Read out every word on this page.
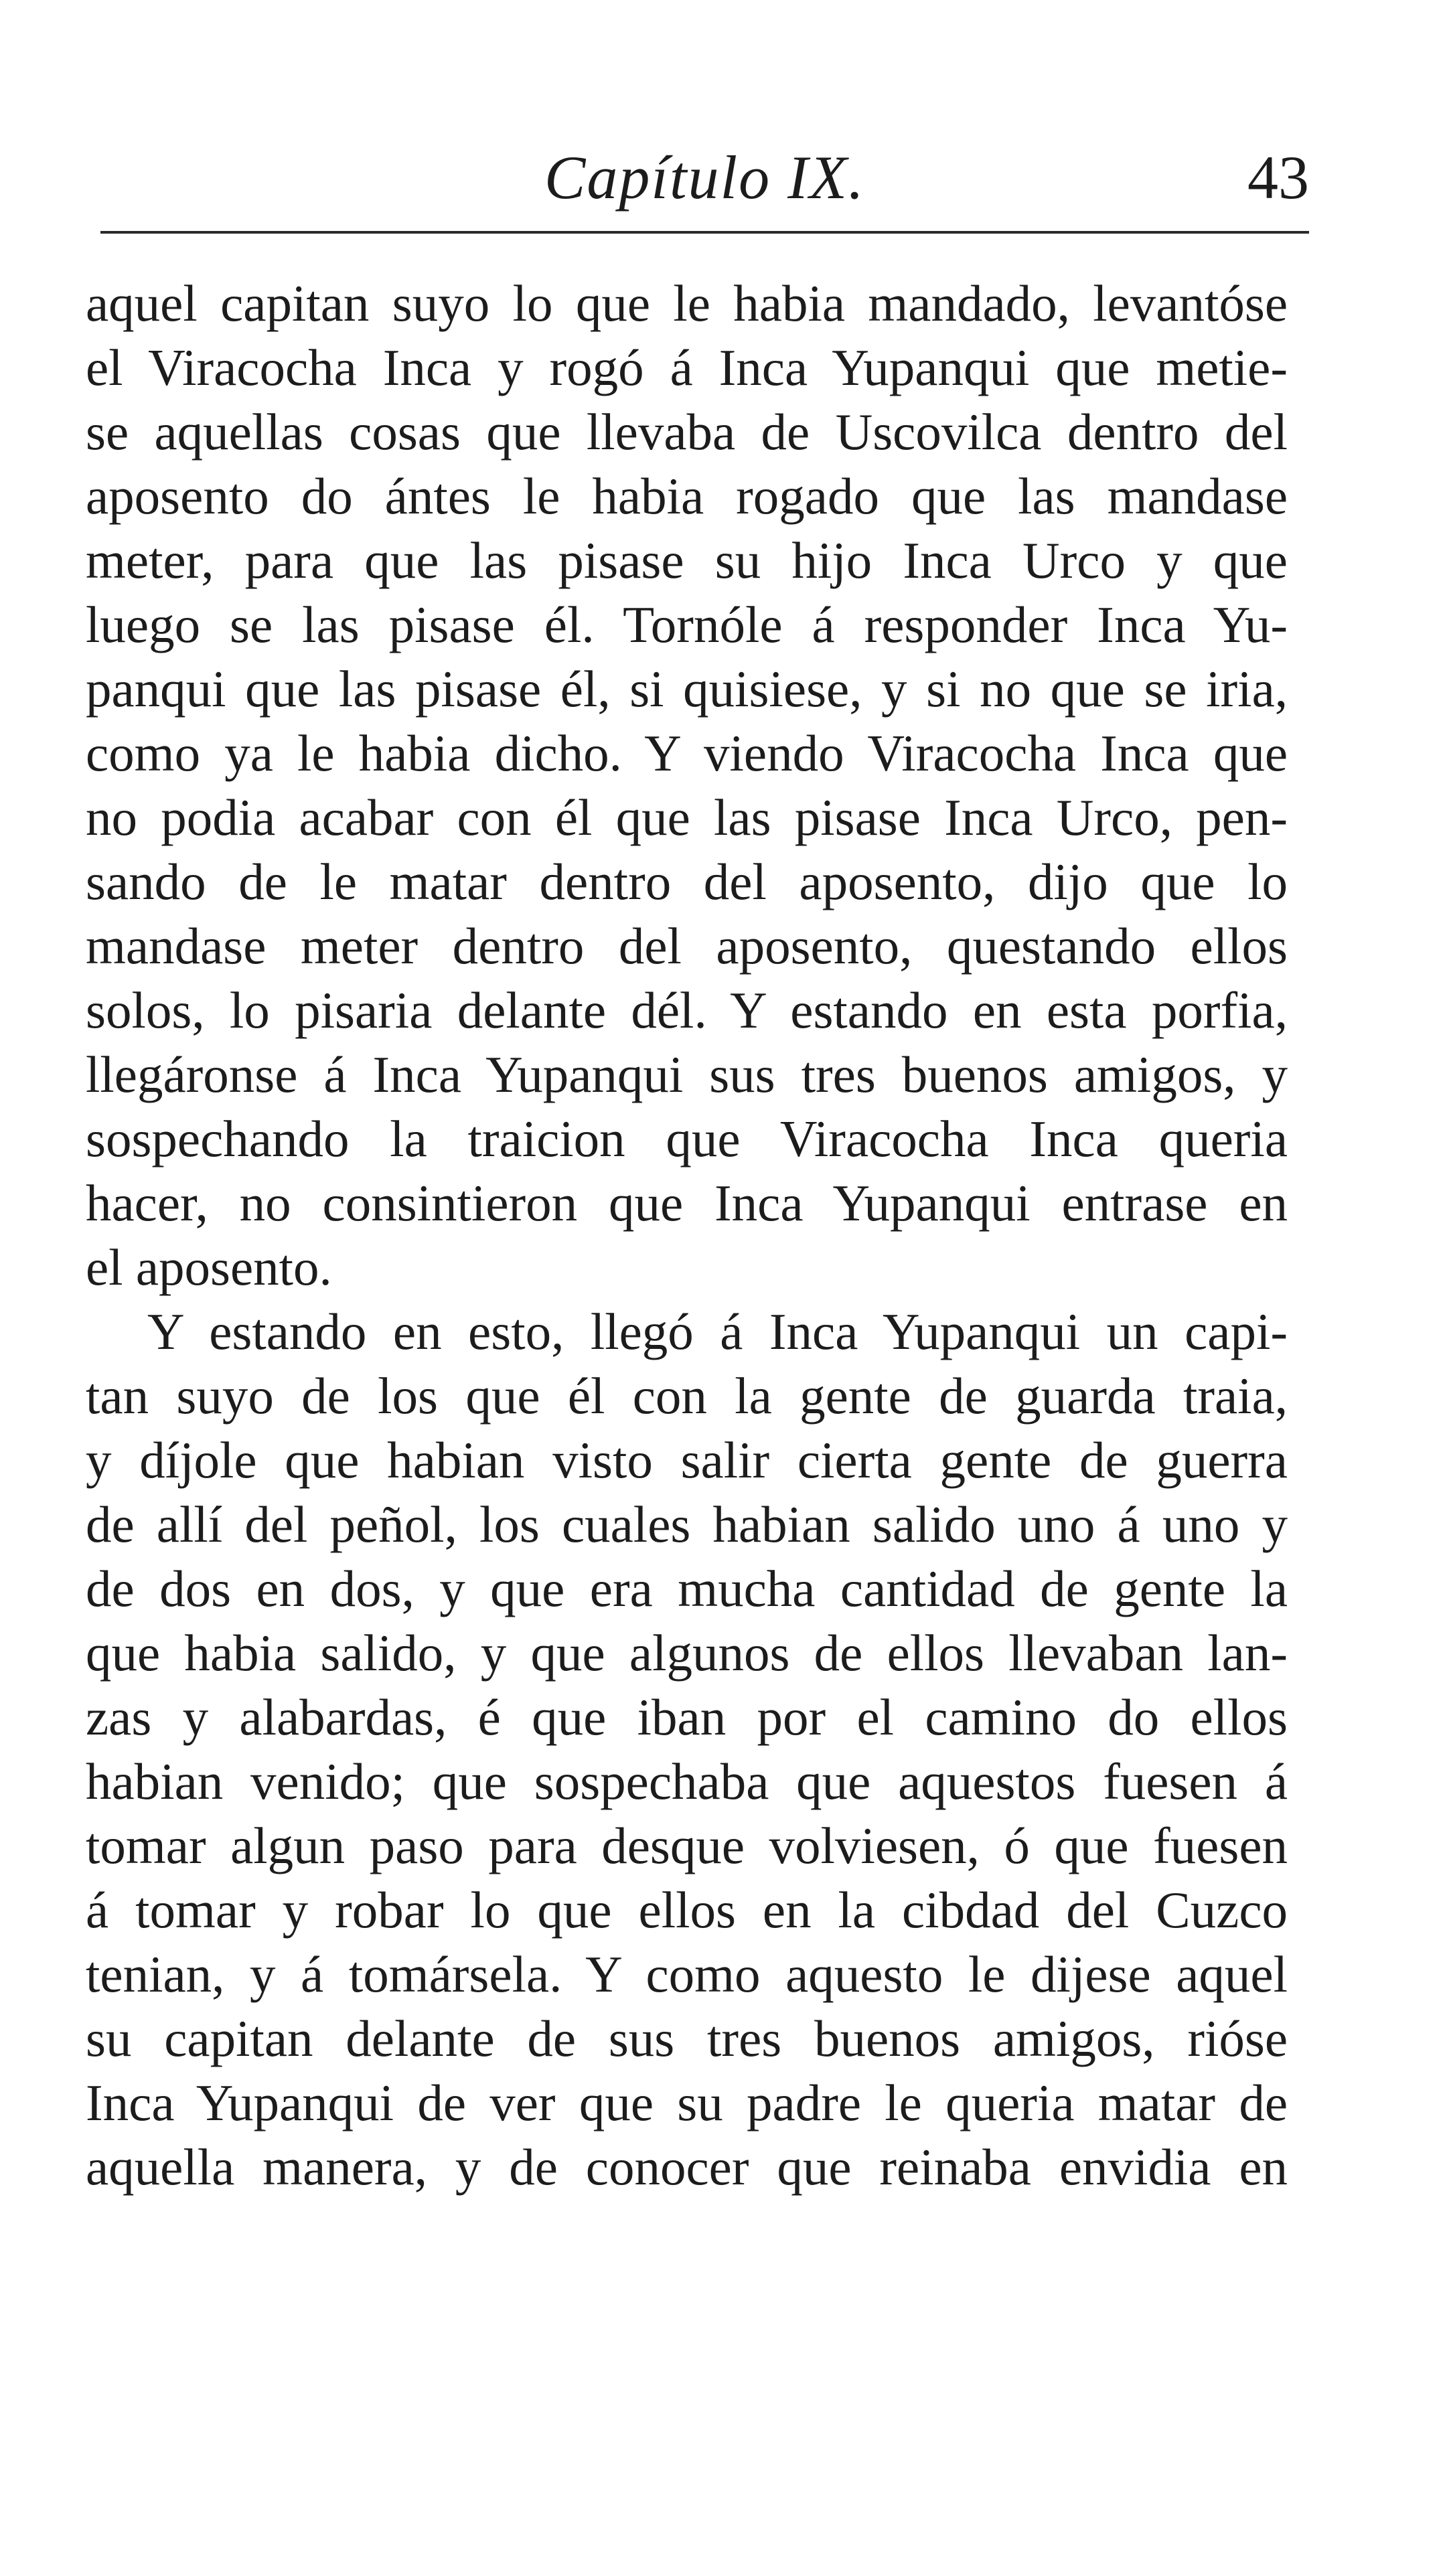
Capítulo IX.	43
aquel capitan suyo lo que le habia mandado, levantóse
el Viracocha Inca y rogó á Inca Yupanqui que metie-
se aquellas cosas que llevaba de Uscovilca dentro del
aposento do ántes le habia rogado que las mandase
meter, para que las pisase su hijo Inca Urco y que
luego se las pisase él. Tornóle á responder Inca Yu-
panqui que las pisase él, si quisiese, y si no que se iria,
como ya le habia dicho. Y viendo Viracocha Inca que
no podia acabar con él que las pisase Inca Urco, pen-
sando de le matar dentro del aposento, dijo que lo
mandase meter dentro del aposento, questando ellos
solos, lo pisaria delante dél. Y estando en esta porfia,
llegáronse á Inca Yupanqui sus tres buenos amigos, y
sospechando la traicion que Viracocha Inca queria
hacer, no consintieron que Inca Yupanqui entrase en
el aposento.
Y estando en esto, llegó á Inca Yupanqui un capi-
tan suyo de los que él con la gente de guarda traia,
y díjole que habian visto salir cierta gente de guerra
de allí del peñol, los cuales habian salido uno á uno y
de dos en dos, y que era mucha cantidad de gente la
que habia salido, y que algunos de ellos llevaban lan-
zas y alabardas, é que iban por el camino do ellos
habian venido; que sospechaba que aquestos fuesen á
tomar algun paso para desque volviesen, ó que fuesen
á tomar y robar lo que ellos en la cibdad del Cuzco
tenian, y á tomársela. Y como aquesto le dijese aquel
su capitan delante de sus tres buenos amigos, rióse
Inca Yupanqui de ver que su padre le queria matar de
aquella manera, y de conocer que reinaba envidia en
